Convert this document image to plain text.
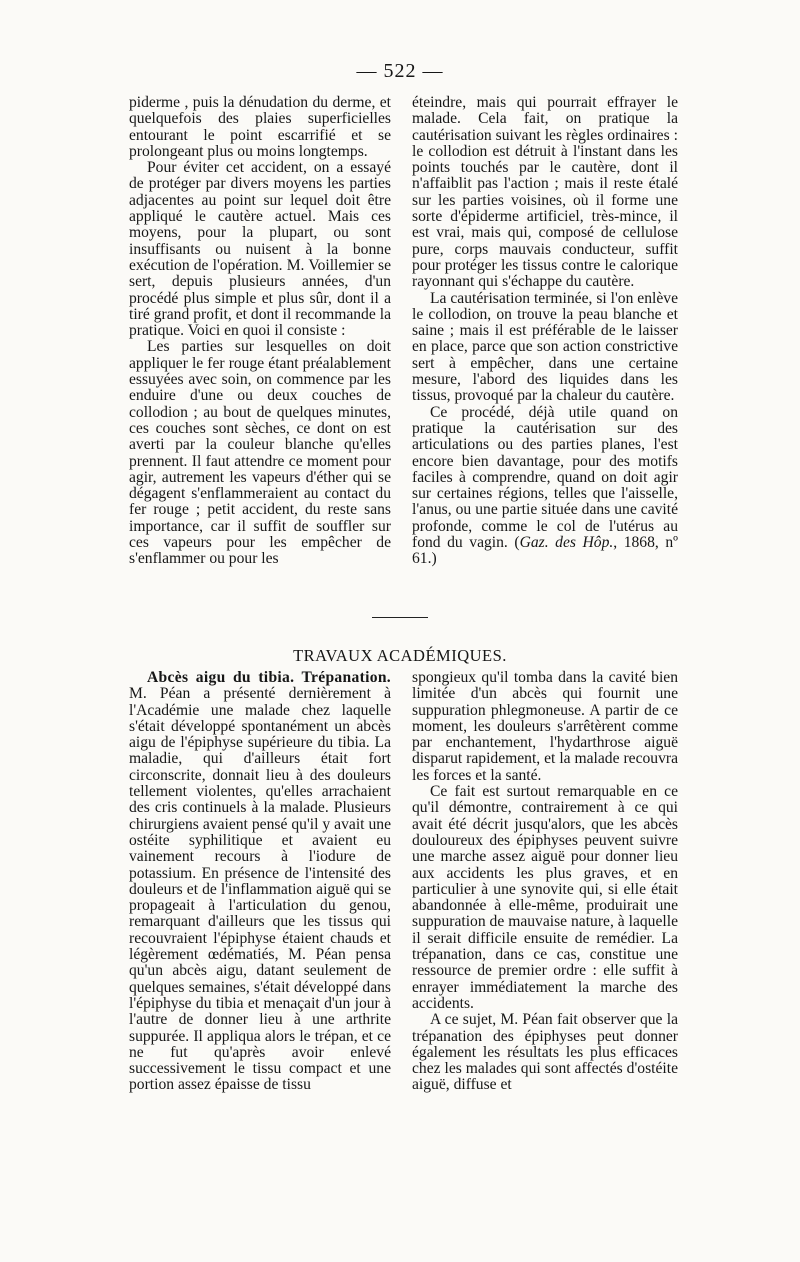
— 522 —

piderme , puis la dénudation du derme, et quelquefois des plaies superficielles entourant le point escarrifié et se prolongeant plus ou moins longtemps.

Pour éviter cet accident, on a essayé de protéger par divers moyens les parties adjacentes au point sur lequel doit être appliqué le cautère actuel. Mais ces moyens, pour la plupart, ou sont insuffisants ou nuisent à la bonne exécution de l'opération. M. Voillemier se sert, depuis plusieurs années, d'un procédé plus simple et plus sûr, dont il a tiré grand profit, et dont il recommande la pratique. Voici en quoi il consiste :

Les parties sur lesquelles on doit appliquer le fer rouge étant préalablement essuyées avec soin, on commence par les enduire d'une ou deux couches de collodion ; au bout de quelques minutes, ces couches sont sèches, ce dont on est averti par la couleur blanche qu'elles prennent. Il faut attendre ce moment pour agir, autrement les vapeurs d'éther qui se dégagent s'enflammeraient au contact du fer rouge ; petit accident, du reste sans importance, car il suffit de souffler sur ces vapeurs pour les empêcher de s'enflammer ou pour les

éteindre, mais qui pourrait effrayer le malade. Cela fait, on pratique la cautérisation suivant les règles ordinaires : le collodion est détruit à l'instant dans les points touchés par le cautère, dont il n'affaiblit pas l'action ; mais il reste étalé sur les parties voisines, où il forme une sorte d'épiderme artificiel, très-mince, il est vrai, mais qui, composé de cellulose pure, corps mauvais conducteur, suffit pour protéger les tissus contre le calorique rayonnant qui s'échappe du cautère.

La cautérisation terminée, si l'on enlève le collodion, on trouve la peau blanche et saine ; mais il est préférable de le laisser en place, parce que son action constrictive sert à empêcher, dans une certaine mesure, l'abord des liquides dans les tissus, provoqué par la chaleur du cautère.

Ce procédé, déjà utile quand on pratique la cautérisation sur des articulations ou des parties planes, l'est encore bien davantage, pour des motifs faciles à comprendre, quand on doit agir sur certaines régions, telles que l'aisselle, l'anus, ou une partie située dans une cavité profonde, comme le col de l'utérus au fond du vagin. (Gaz. des Hôp., 1868, nº 61.)

TRAVAUX ACADÉMIQUES.

Abcès aigu du tibia. Trépanation. M. Péan a présenté dernièrement à l'Académie une malade chez laquelle s'était développé spontanément un abcès aigu de l'épiphyse supérieure du tibia. La maladie, qui d'ailleurs était fort circonscrite, donnait lieu à des douleurs tellement violentes, qu'elles arrachaient des cris continuels à la malade. Plusieurs chirurgiens avaient pensé qu'il y avait une ostéite syphilitique et avaient eu vainement recours à l'iodure de potassium. En présence de l'intensité des douleurs et de l'inflammation aiguë qui se propageait à l'articulation du genou, remarquant d'ailleurs que les tissus qui recouvraient l'épiphyse étaient chauds et légèrement œdématiés, M. Péan pensa qu'un abcès aigu, datant seulement de quelques semaines, s'était développé dans l'épiphyse du tibia et menaçait d'un jour à l'autre de donner lieu à une arthrite suppurée. Il appliqua alors le trépan, et ce ne fut qu'après avoir enlevé successivement le tissu compact et une portion assez épaisse de tissu

spongieux qu'il tomba dans la cavité bien limitée d'un abcès qui fournit une suppuration phlegmoneuse. A partir de ce moment, les douleurs s'arrêtèrent comme par enchantement, l'hydarthrose aiguë disparut rapidement, et la malade recouvra les forces et la santé.

Ce fait est surtout remarquable en ce qu'il démontre, contrairement à ce qui avait été décrit jusqu'alors, que les abcès douloureux des épiphyses peuvent suivre une marche assez aiguë pour donner lieu aux accidents les plus graves, et en particulier à une synovite qui, si elle était abandonnée à elle-même, produirait une suppuration de mauvaise nature, à laquelle il serait difficile ensuite de remédier. La trépanation, dans ce cas, constitue une ressource de premier ordre : elle suffit à enrayer immédiatement la marche des accidents.

A ce sujet, M. Péan fait observer que la trépanation des épiphyses peut donner également les résultats les plus efficaces chez les malades qui sont affectés d'ostéite aiguë, diffuse et
